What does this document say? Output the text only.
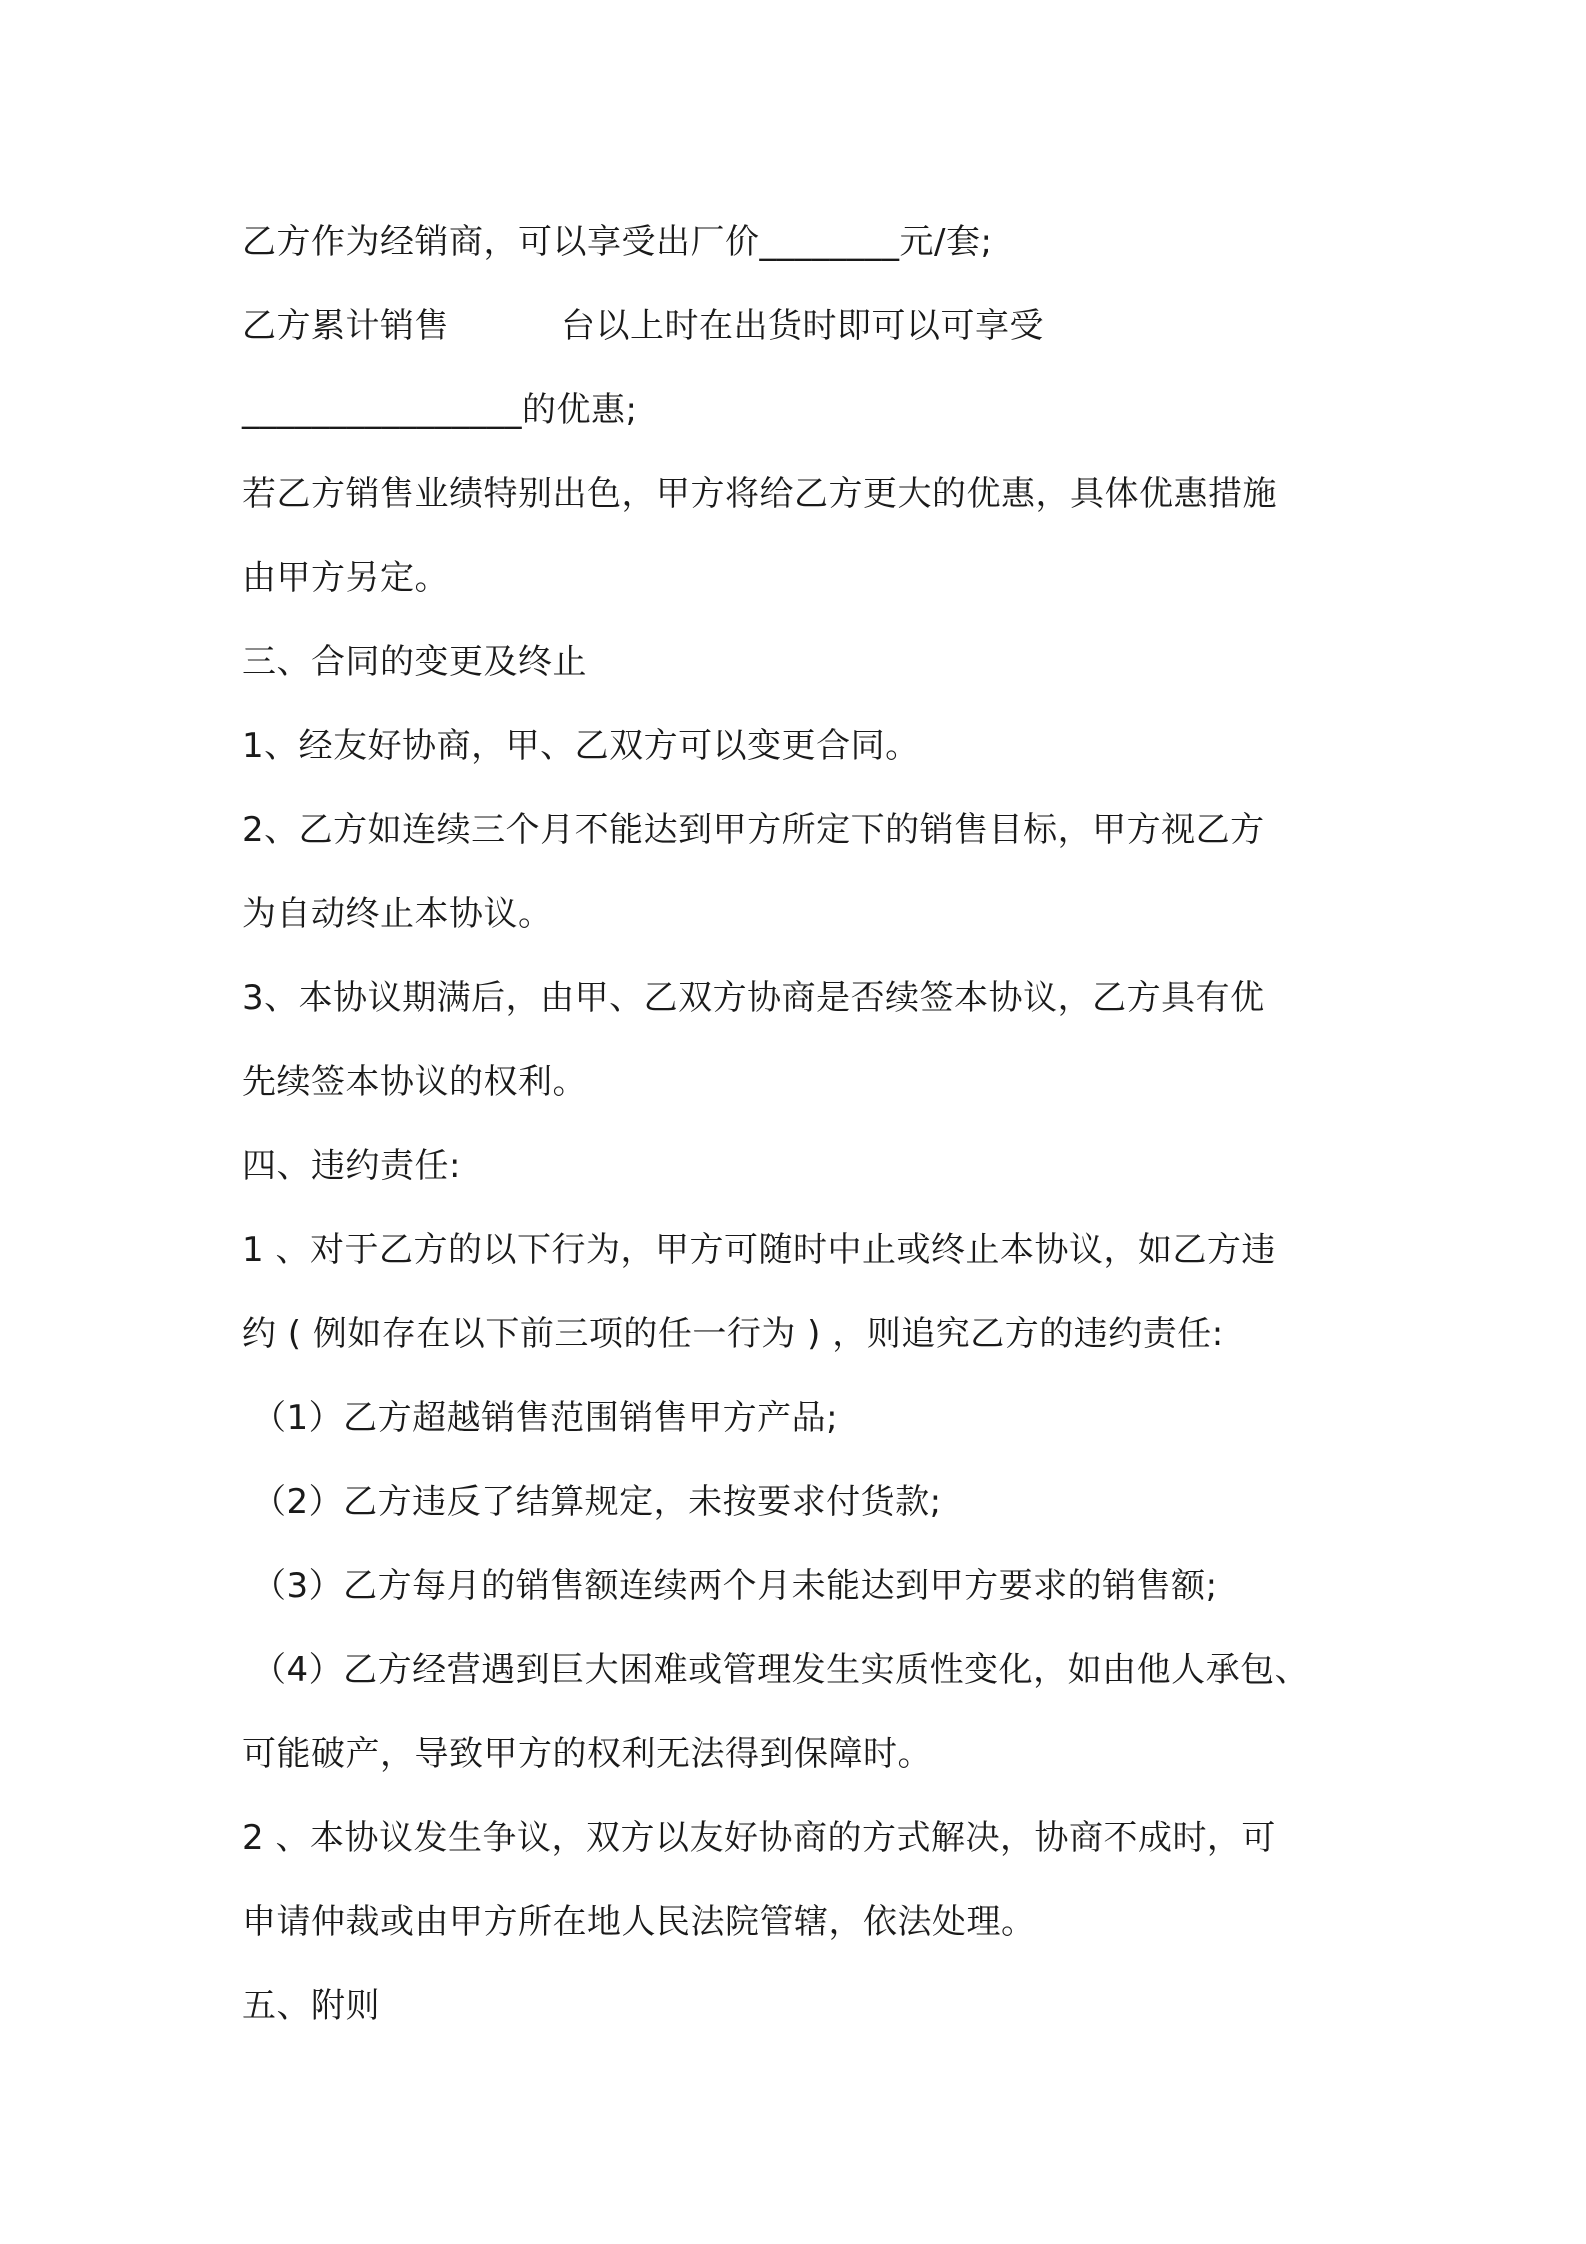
乙方作为经销商，可以享受出厂价________元/套;
乙方累计销售	台以上时在出货时即可以可享受
________________的优惠;
若乙方销售业绩特别出色，甲方将给乙方更大的优惠，具体优惠措施
由甲方另定。
三、合同的变更及终止
1、经友好协商，甲、乙双方可以变更合同。
2、乙方如连续三个月不能达到甲方所定下的销售目标，甲方视乙方
为自动终止本协议。
3、本协议期满后，由甲、乙双方协商是否续签本协议，乙方具有优
先续签本协议的权利。
四、违约责任:
1 、对于乙方的以下行为，甲方可随时中止或终止本协议，如乙方违
约 ( 例如存在以下前三项的任一行为 ) ，则追究乙方的违约责任:
（1）乙方超越销售范围销售甲方产品;
（2）乙方违反了结算规定，未按要求付货款;
（3）乙方每月的销售额连续两个月未能达到甲方要求的销售额;
（4）乙方经营遇到巨大困难或管理发生实质性变化，如由他人承包、
可能破产，导致甲方的权利无法得到保障时。
2 、本协议发生争议，双方以友好协商的方式解决，协商不成时，可
申请仲裁或由甲方所在地人民法院管辖，依法处理。
五、附则
